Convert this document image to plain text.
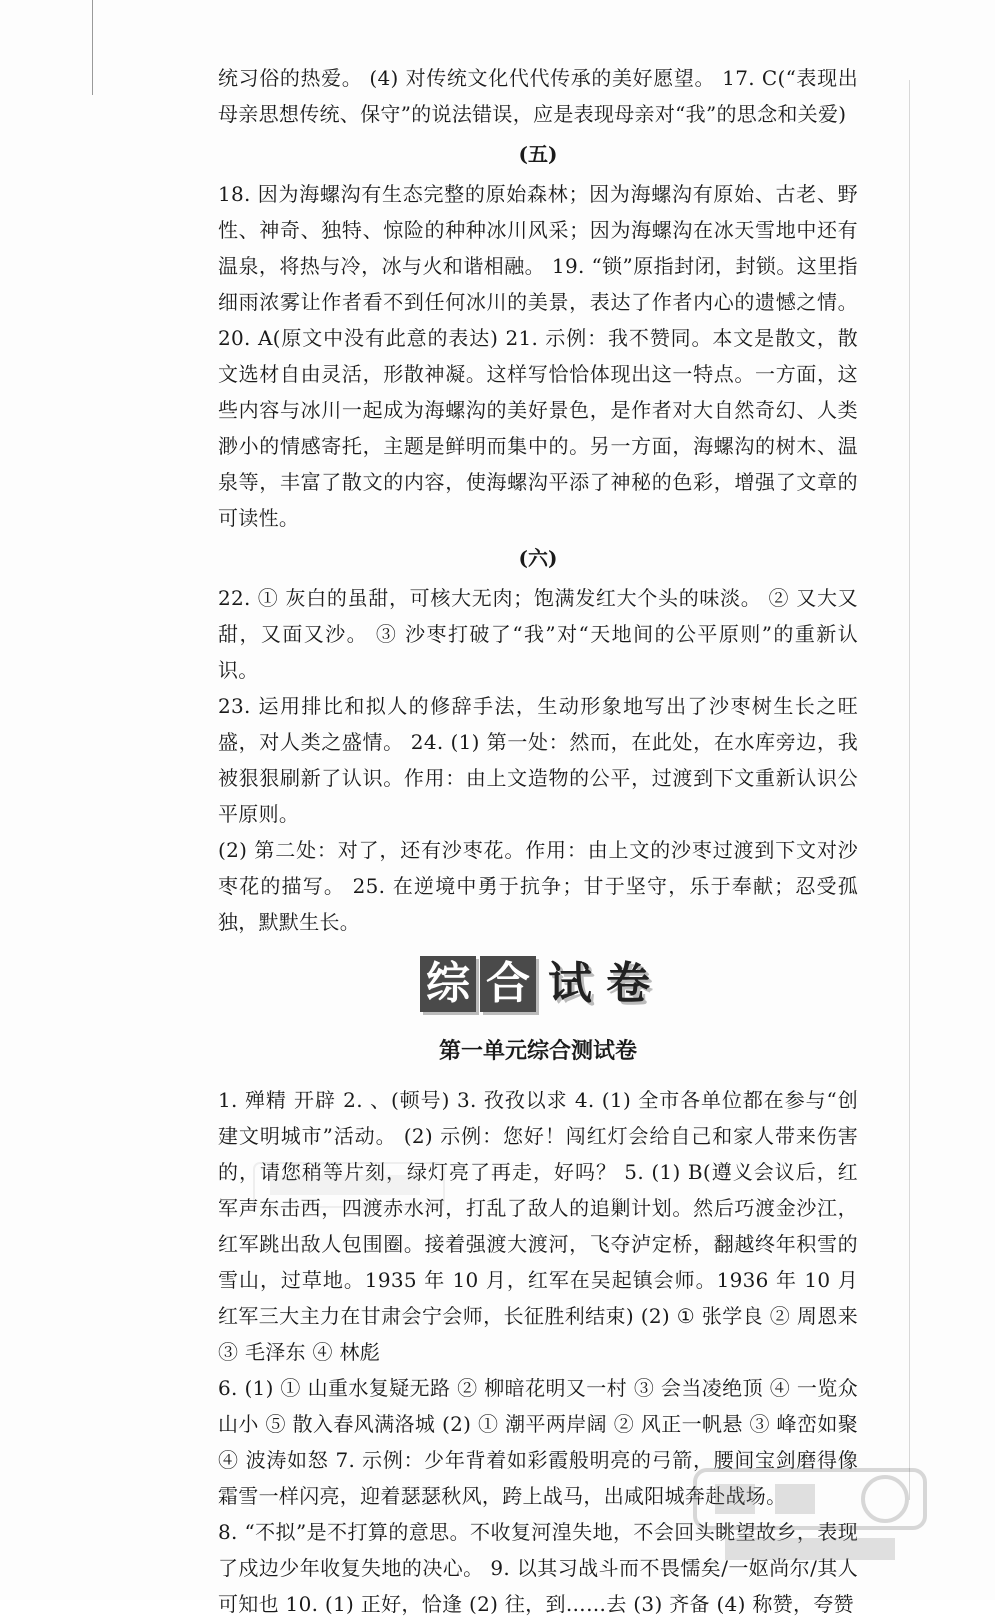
统习俗的热爱。 (4) 对传统文化代代传承的美好愿望。 17. C(“表现出母亲思想传统、保守”的说法错误，应是表现母亲对“我”的思念和关爱)

(五)

18. 因为海螺沟有生态完整的原始森林；因为海螺沟有原始、古老、野性、神奇、独特、惊险的种种冰川风采；因为海螺沟在冰天雪地中还有温泉，将热与冷，冰与火和谐相融。 19. “锁”原指封闭，封锁。这里指细雨浓雾让作者看不到任何冰川的美景，表达了作者内心的遗憾之情。 20. A(原文中没有此意的表达) 21. 示例：我不赞同。本文是散文，散文选材自由灵活，形散神凝。这样写恰恰体现出这一特点。一方面，这些内容与冰川一起成为海螺沟的美好景色，是作者对大自然奇幻、人类渺小的情感寄托，主题是鲜明而集中的。另一方面，海螺沟的树木、温泉等，丰富了散文的内容，使海螺沟平添了神秘的色彩，增强了文章的可读性。

(六)

22. ① 灰白的虽甜，可核大无肉；饱满发红大个头的味淡。 ② 又大又甜，又面又沙。 ③ 沙枣打破了“我”对“天地间的公平原则”的重新认识。

23. 运用排比和拟人的修辞手法，生动形象地写出了沙枣树生长之旺盛，对人类之盛情。 24. (1) 第一处：然而，在此处，在水库旁边，我被狠狠刷新了认识。作用：由上文造物的公平，过渡到下文重新认识公平原则。

(2) 第二处：对了，还有沙枣花。作用：由上文的沙枣过渡到下文对沙枣花的描写。 25. 在逆境中勇于抗争；甘于坚守，乐于奉献；忍受孤独，默默生长。

综 合 试 卷
第一单元综合测试卷

1. 殚精 开辟 2. 、(顿号) 3. 孜孜以求 4. (1) 全市各单位都在参与“创建文明城市”活动。 (2) 示例：您好！闯红灯会给自己和家人带来伤害的，请您稍等片刻，绿灯亮了再走，好吗？ 5. (1) B(遵义会议后，红军声东击西，四渡赤水河，打乱了敌人的追剿计划。然后巧渡金沙江，红军跳出敌人包围圈。接着强渡大渡河，飞夺泸定桥，翻越终年积雪的雪山，过草地。1935 年 10 月，红军在吴起镇会师。1936 年 10 月红军三大主力在甘肃会宁会师，长征胜利结束) (2) ① 张学良 ② 周恩来 ③ 毛泽东 ④ 林彪

6. (1) ① 山重水复疑无路 ② 柳暗花明又一村 ③ 会当凌绝顶 ④ 一览众山小 ⑤ 散入春风满洛城 (2) ① 潮平两岸阔 ② 风正一帆悬 ③ 峰峦如聚 ④ 波涛如怒 7. 示例：少年背着如彩霞般明亮的弓箭，腰间宝剑磨得像霜雪一样闪亮，迎着瑟瑟秋风，跨上战马，出咸阳城奔赴战场。

8. “不拟”是不打算的意思。不收复河湟失地，不会回头眺望故乡，表现了戍边少年收复失地的决心。 9. 以其习战斗而不畏懦矣/一妪尚尔/其人可知也 10. (1) 正好，恰逢 (2) 往，到……去 (3) 齐备 (4) 称赞，夸赞
